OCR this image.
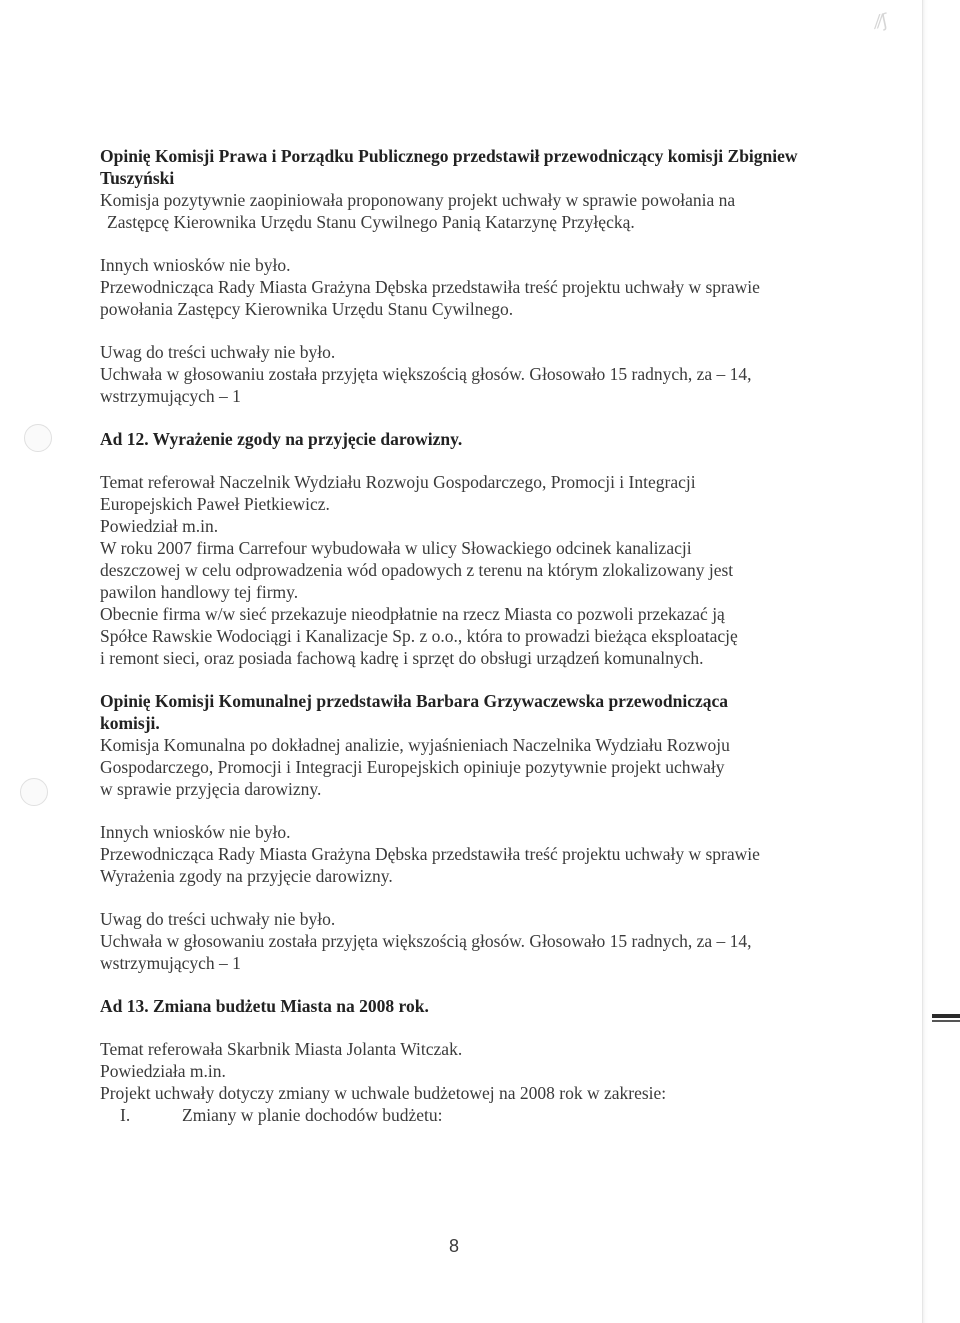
⁄⁄ʃ

Opinię Komisji Prawa i Porządku Publicznego przedstawił przewodniczący komisji Zbigniew

Tuszyński

Komisja pozytywnie zaopiniowała proponowany projekt uchwały w sprawie powołania na

Zastępcę Kierownika Urzędu Stanu Cywilnego Panią Katarzynę Przyłęcką.

Innych wniosków nie było.

Przewodnicząca Rady Miasta Grażyna Dębska przedstawiła treść projektu uchwały w sprawie

powołania Zastępcy Kierownika Urzędu Stanu Cywilnego.

Uwag do treści uchwały nie było.

Uchwała w głosowaniu została przyjęta większością głosów. Głosowało 15 radnych, za – 14,

wstrzymujących – 1

Ad 12. Wyrażenie zgody na przyjęcie darowizny.

Temat referował Naczelnik Wydziału Rozwoju Gospodarczego, Promocji i Integracji

Europejskich Paweł Pietkiewicz.

Powiedział m.in.

W roku 2007 firma Carrefour wybudowała w ulicy Słowackiego odcinek kanalizacji

deszczowej w celu odprowadzenia wód opadowych z terenu na którym zlokalizowany jest

pawilon handlowy tej firmy.

Obecnie firma w/w sieć przekazuje nieodpłatnie na rzecz Miasta co pozwoli przekazać ją

Spółce Rawskie Wodociągi i Kanalizacje Sp. z o.o., która to prowadzi bieżąca eksploatację

i remont sieci, oraz posiada fachową kadrę i sprzęt do obsługi urządzeń komunalnych.

Opinię Komisji Komunalnej przedstawiła Barbara Grzywaczewska przewodnicząca

komisji.

Komisja Komunalna po dokładnej analizie, wyjaśnieniach Naczelnika Wydziału Rozwoju

Gospodarczego, Promocji i Integracji Europejskich opiniuje pozytywnie projekt uchwały

w sprawie przyjęcia darowizny.

Innych wniosków nie było.

Przewodnicząca Rady Miasta Grażyna Dębska przedstawiła treść projektu uchwały w sprawie

Wyrażenia zgody na przyjęcie darowizny.

Uwag do treści uchwały nie było.

Uchwała w głosowaniu została przyjęta większością głosów. Głosowało 15 radnych, za – 14,

wstrzymujących – 1

Ad 13. Zmiana budżetu Miasta na 2008 rok.

Temat referowała Skarbnik Miasta Jolanta Witczak.

Powiedziała m.in.

Projekt uchwały dotyczy zmiany w uchwale budżetowej na 2008 rok w zakresie:

I.	Zmiany w planie dochodów budżetu:

8
